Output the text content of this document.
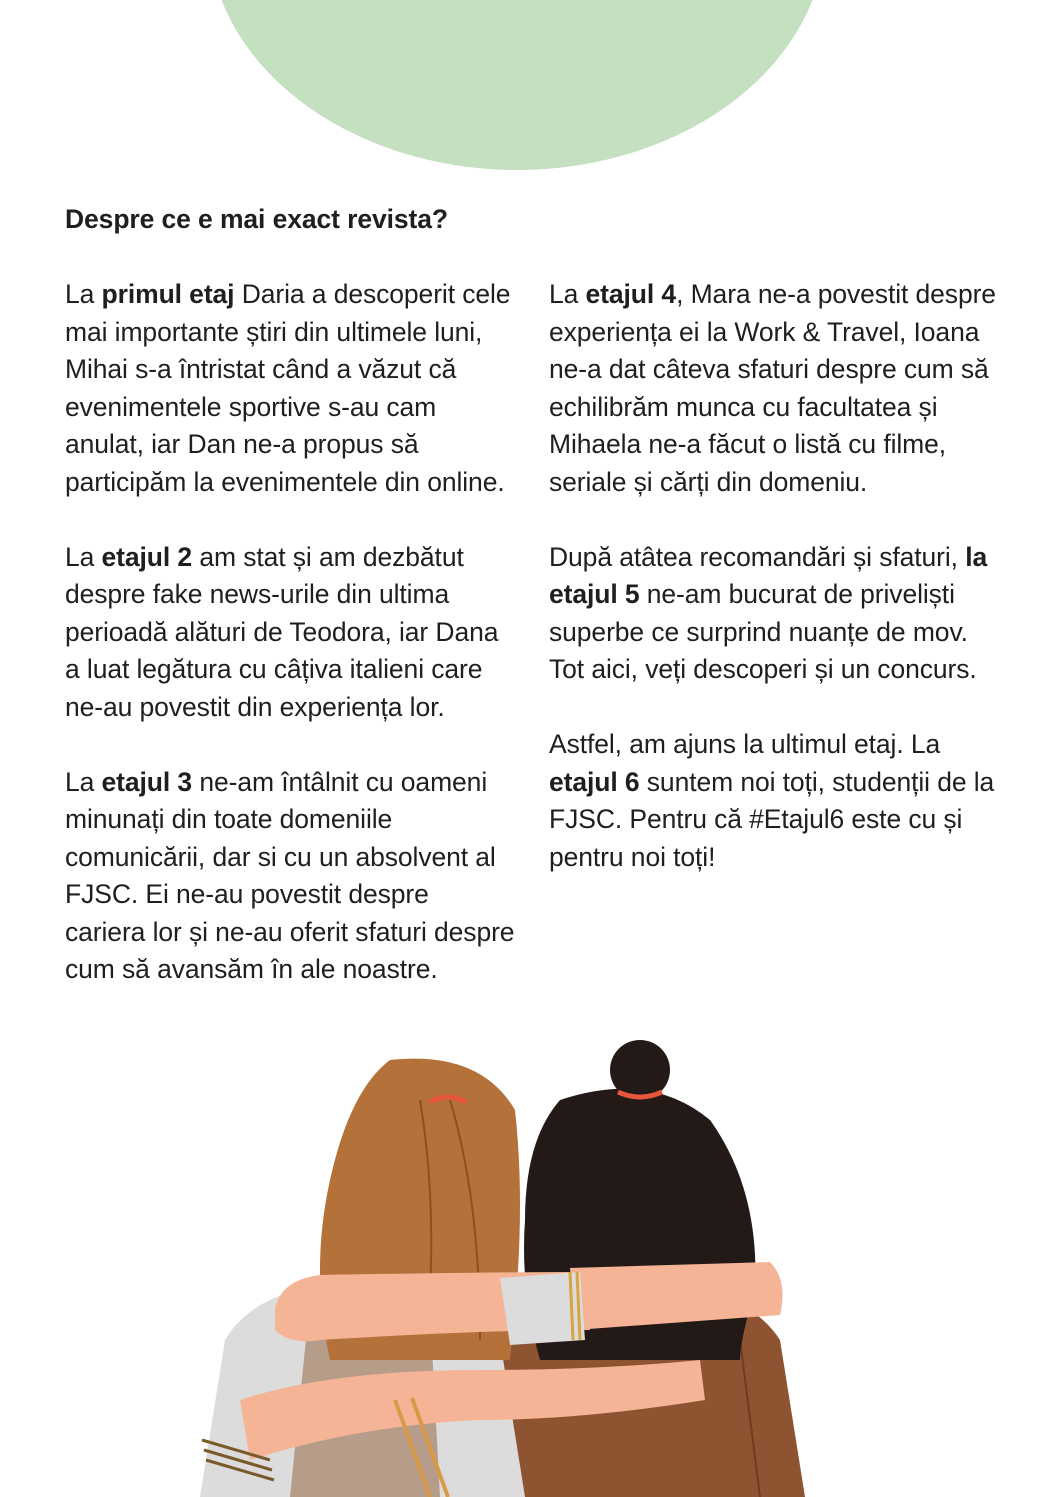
Despre ce e mai exact revista?

La primul etaj Daria a descoperit cele mai importante știri din ultimele luni, Mihai s-a întristat când a văzut că evenimentele sportive s-au cam anulat, iar Dan ne-a propus să participăm la evenimentele din online.

La etajul 2 am stat și am dezbătut despre fake news-urile din ultima perioadă alături de Teodora, iar Dana a luat legătura cu câțiva italieni care ne-au povestit din experiența lor.

La etajul 3 ne-am întâlnit cu oameni minunați din toate domeniile comunicării, dar si cu un absolvent al FJSC. Ei ne-au povestit despre cariera lor și ne-au oferit sfaturi despre cum să avansăm în ale noastre.

La etajul 4, Mara ne-a povestit despre experiența ei la Work & Travel, Ioana ne-a dat câteva sfaturi despre cum să echilibrăm munca cu facultatea și Mihaela ne-a făcut o listă cu filme, seriale și cărți din domeniu.

După atâtea recomandări și sfaturi, la etajul 5 ne-am bucurat de priveliști superbe ce surprind nuanțe de mov. Tot aici, veți descoperi și un concurs.

Astfel, am ajuns la ultimul etaj. La etajul 6 suntem noi toți, studenții de la FJSC. Pentru că #Etajul6 este cu și pentru noi toți!
